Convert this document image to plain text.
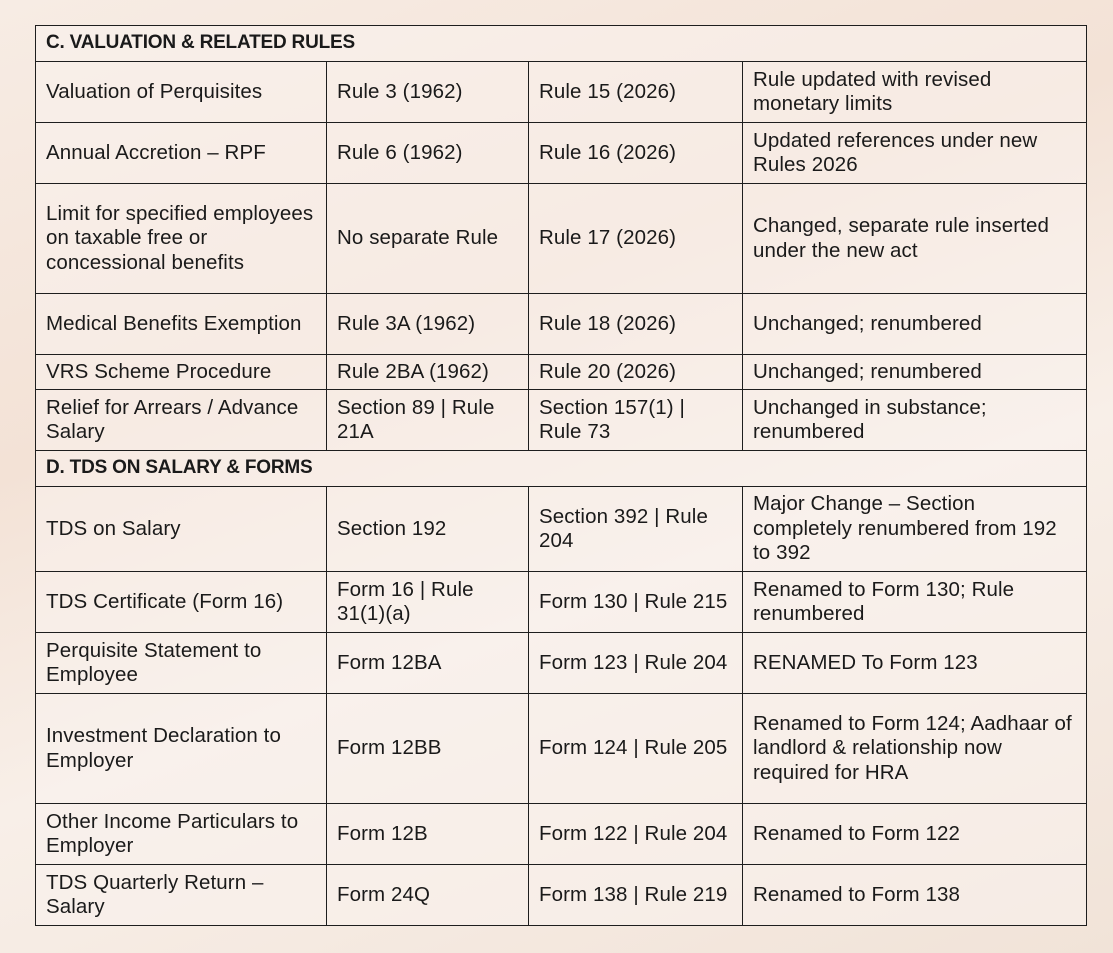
C. VALUATION & RELATED RULES			
Valuation of Perquisites	Rule 3 (1962)	Rule 15 (2026)	Rule updated with revised monetary limits
Annual Accretion – RPF	Rule 6 (1962)	Rule 16 (2026)	Updated references under new Rules 2026
Limit for specified employees on taxable free or concessional benefits	No separate Rule	Rule 17 (2026)	Changed, separate rule inserted under the new act
Medical Benefits Exemption	Rule 3A (1962)	Rule 18 (2026)	Unchanged; renumbered
VRS Scheme Procedure	Rule 2BA (1962)	Rule 20 (2026)	Unchanged; renumbered
Relief for Arrears / Advance Salary	Section 89 | Rule 21A	Section 157(1) | Rule 73	Unchanged in substance; renumbered
D. TDS ON SALARY & FORMS			
TDS on Salary	Section 192	Section 392 | Rule 204	Major Change – Section completely renumbered from 192 to 392
TDS Certificate (Form 16)	Form 16 | Rule 31(1)(a)	Form 130 | Rule 215	Renamed to Form 130; Rule renumbered
Perquisite Statement to Employee	Form 12BA	Form 123 | Rule 204	RENAMED To Form 123
Investment Declaration to Employer	Form 12BB	Form 124 | Rule 205	Renamed to Form 124; Aadhaar of landlord & relationship now required for HRA
Other Income Particulars to Employer	Form 12B	Form 122 | Rule 204	Renamed to Form 122
TDS Quarterly Return – Salary	Form 24Q	Form 138 | Rule 219	Renamed to Form 138
